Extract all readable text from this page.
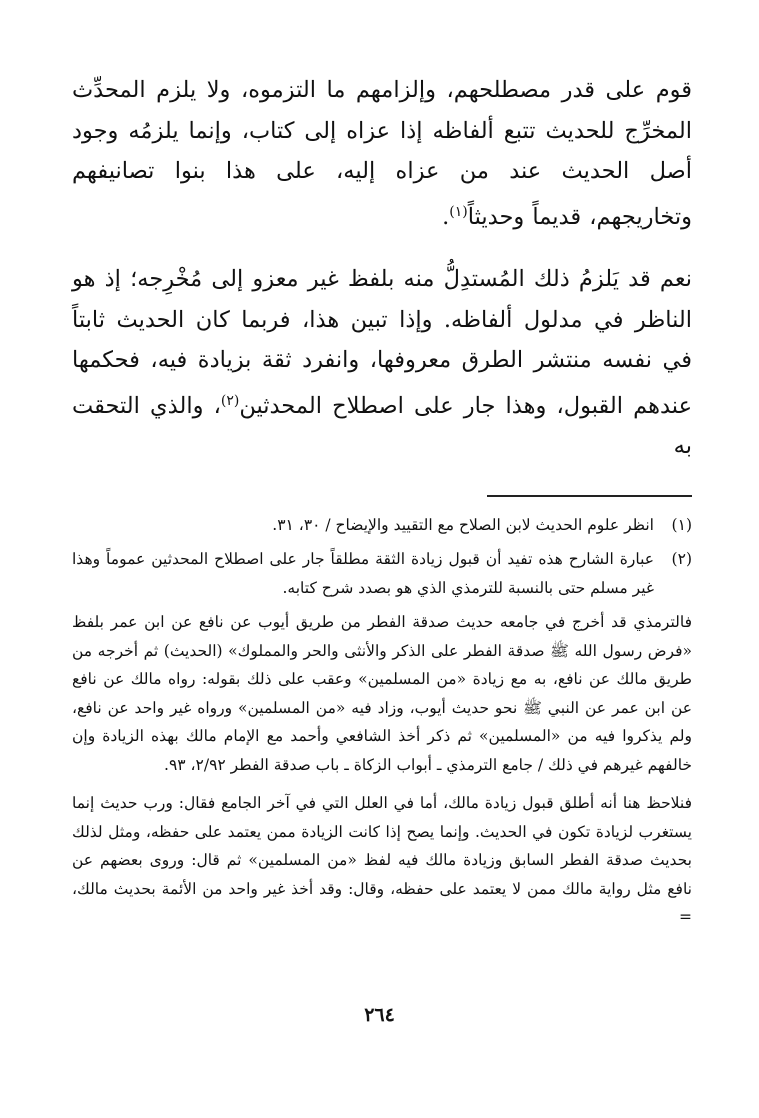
قوم على قدر مصطلحهم، وإلزامهم ما التزموه، ولا يلزم المحدِّث المخرِّج للحديث تتبع ألفاظه إذا عزاه إلى كتاب، وإنما يلزمُه وجود أصل الحديث عند من عزاه إليه، على هذا بنوا تصانيفهم وتخاريجهم، قديماً وحديثاً$^{(١)}$.

نعم قد يَلزمُ ذلك المُستدِلُّ منه بلفظ غير معزو إلى مُخْرِجه؛ إذ هو الناظر في مدلول ألفاظه. وإذا تبين هذا، فربما كان الحديث ثابتاً في نفسه منتشر الطرق معروفها، وانفرد ثقة بزيادة فيه، فحكمها عندهم القبول، وهذا جار على اصطلاح المحدثين$^{(٢)}$، والذي التحقت به

(١)
انظر علوم الحديث لابن الصلاح مع التقييد والإيضاح / ٣٠، ٣١.
(٢)
عبارة الشارح هذه تفيد أن قبول زيادة الثقة مطلقاً جار على اصطلاح المحدثين عموماً وهذا غير مسلم حتى بالنسبة للترمذي الذي هو بصدد شرح كتابه.

فالترمذي قد أخرج في جامعه حديث صدقة الفطر من طريق أيوب عن نافع عن ابن عمر بلفظ «فرض رسول الله ﷺ صدقة الفطر على الذكر والأنثى والحر والمملوك» (الحديث) ثم أخرجه من طريق مالك عن نافع، به مع زيادة «من المسلمين» وعقب على ذلك بقوله: رواه مالك عن نافع عن ابن عمر عن النبي ﷺ نحو حديث أيوب، وزاد فيه «من المسلمين» ورواه غير واحد عن نافع، ولم يذكروا فيه من «المسلمين» ثم ذكر أخذ الشافعي وأحمد مع الإمام مالك بهذه الزيادة وإن خالفهم غيرهم في ذلك / جامع الترمذي ـ أبواب الزكاة ـ باب صدقة الفطر ٢/٩٢، ٩٣.

فنلاحظ هنا أنه أطلق قبول زيادة مالك، أما في العلل التي في آخر الجامع فقال: ورب حديث إنما يستغرب لزيادة تكون في الحديث. وإنما يصح إذا كانت الزيادة ممن يعتمد على حفظه، ومثل لذلك بحديث صدقة الفطر السابق وزيادة مالك فيه لفظ «من المسلمين» ثم قال: وروى بعضهم عن نافع مثل رواية مالك ممن لا يعتمد على حفظه، وقال: وقد أخذ غير واحد من الأئمة بحديث مالك، =

٢٦٤
